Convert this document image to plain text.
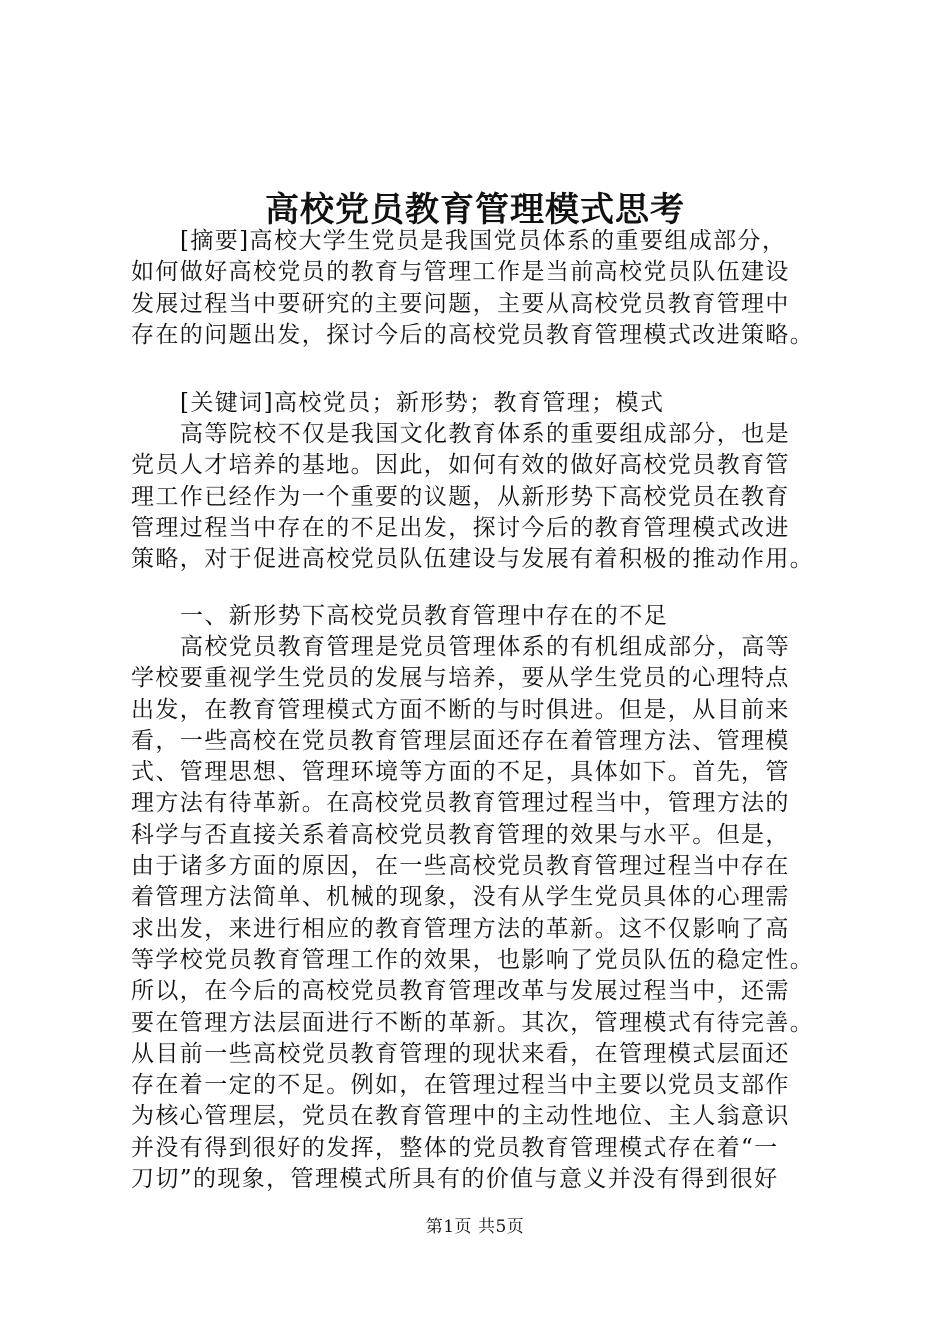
高校党员教育管理模式思考
[摘要]高校大学生党员是我国党员体系的重要组成部分，
如何做好高校党员的教育与管理工作是当前高校党员队伍建设
发展过程当中要研究的主要问题，主要从高校党员教育管理中
存在的问题出发，探讨今后的高校党员教育管理模式改进策略。
[关键词]高校党员；新形势；教育管理；模式
高等院校不仅是我国文化教育体系的重要组成部分，也是
党员人才培养的基地。因此，如何有效的做好高校党员教育管
理工作已经作为一个重要的议题，从新形势下高校党员在教育
管理过程当中存在的不足出发，探讨今后的教育管理模式改进
策略，对于促进高校党员队伍建设与发展有着积极的推动作用。
一、新形势下高校党员教育管理中存在的不足
高校党员教育管理是党员管理体系的有机组成部分，高等
学校要重视学生党员的发展与培养，要从学生党员的心理特点
出发，在教育管理模式方面不断的与时俱进。但是，从目前来
看，一些高校在党员教育管理层面还存在着管理方法、管理模
式、管理思想、管理环境等方面的不足，具体如下。首先，管
理方法有待革新。在高校党员教育管理过程当中，管理方法的
科学与否直接关系着高校党员教育管理的效果与水平。但是，
由于诸多方面的原因，在一些高校党员教育管理过程当中存在
着管理方法简单、机械的现象，没有从学生党员具体的心理需
求出发，来进行相应的教育管理方法的革新。这不仅影响了高
等学校党员教育管理工作的效果，也影响了党员队伍的稳定性。
所以，在今后的高校党员教育管理改革与发展过程当中，还需
要在管理方法层面进行不断的革新。其次，管理模式有待完善。
从目前一些高校党员教育管理的现状来看，在管理模式层面还
存在着一定的不足。例如，在管理过程当中主要以党员支部作
为核心管理层，党员在教育管理中的主动性地位、主人翁意识
并没有得到很好的发挥，整体的党员教育管理模式存在着“一
刀切”的现象，管理模式所具有的价值与意义并没有得到很好
第1页 共5页
